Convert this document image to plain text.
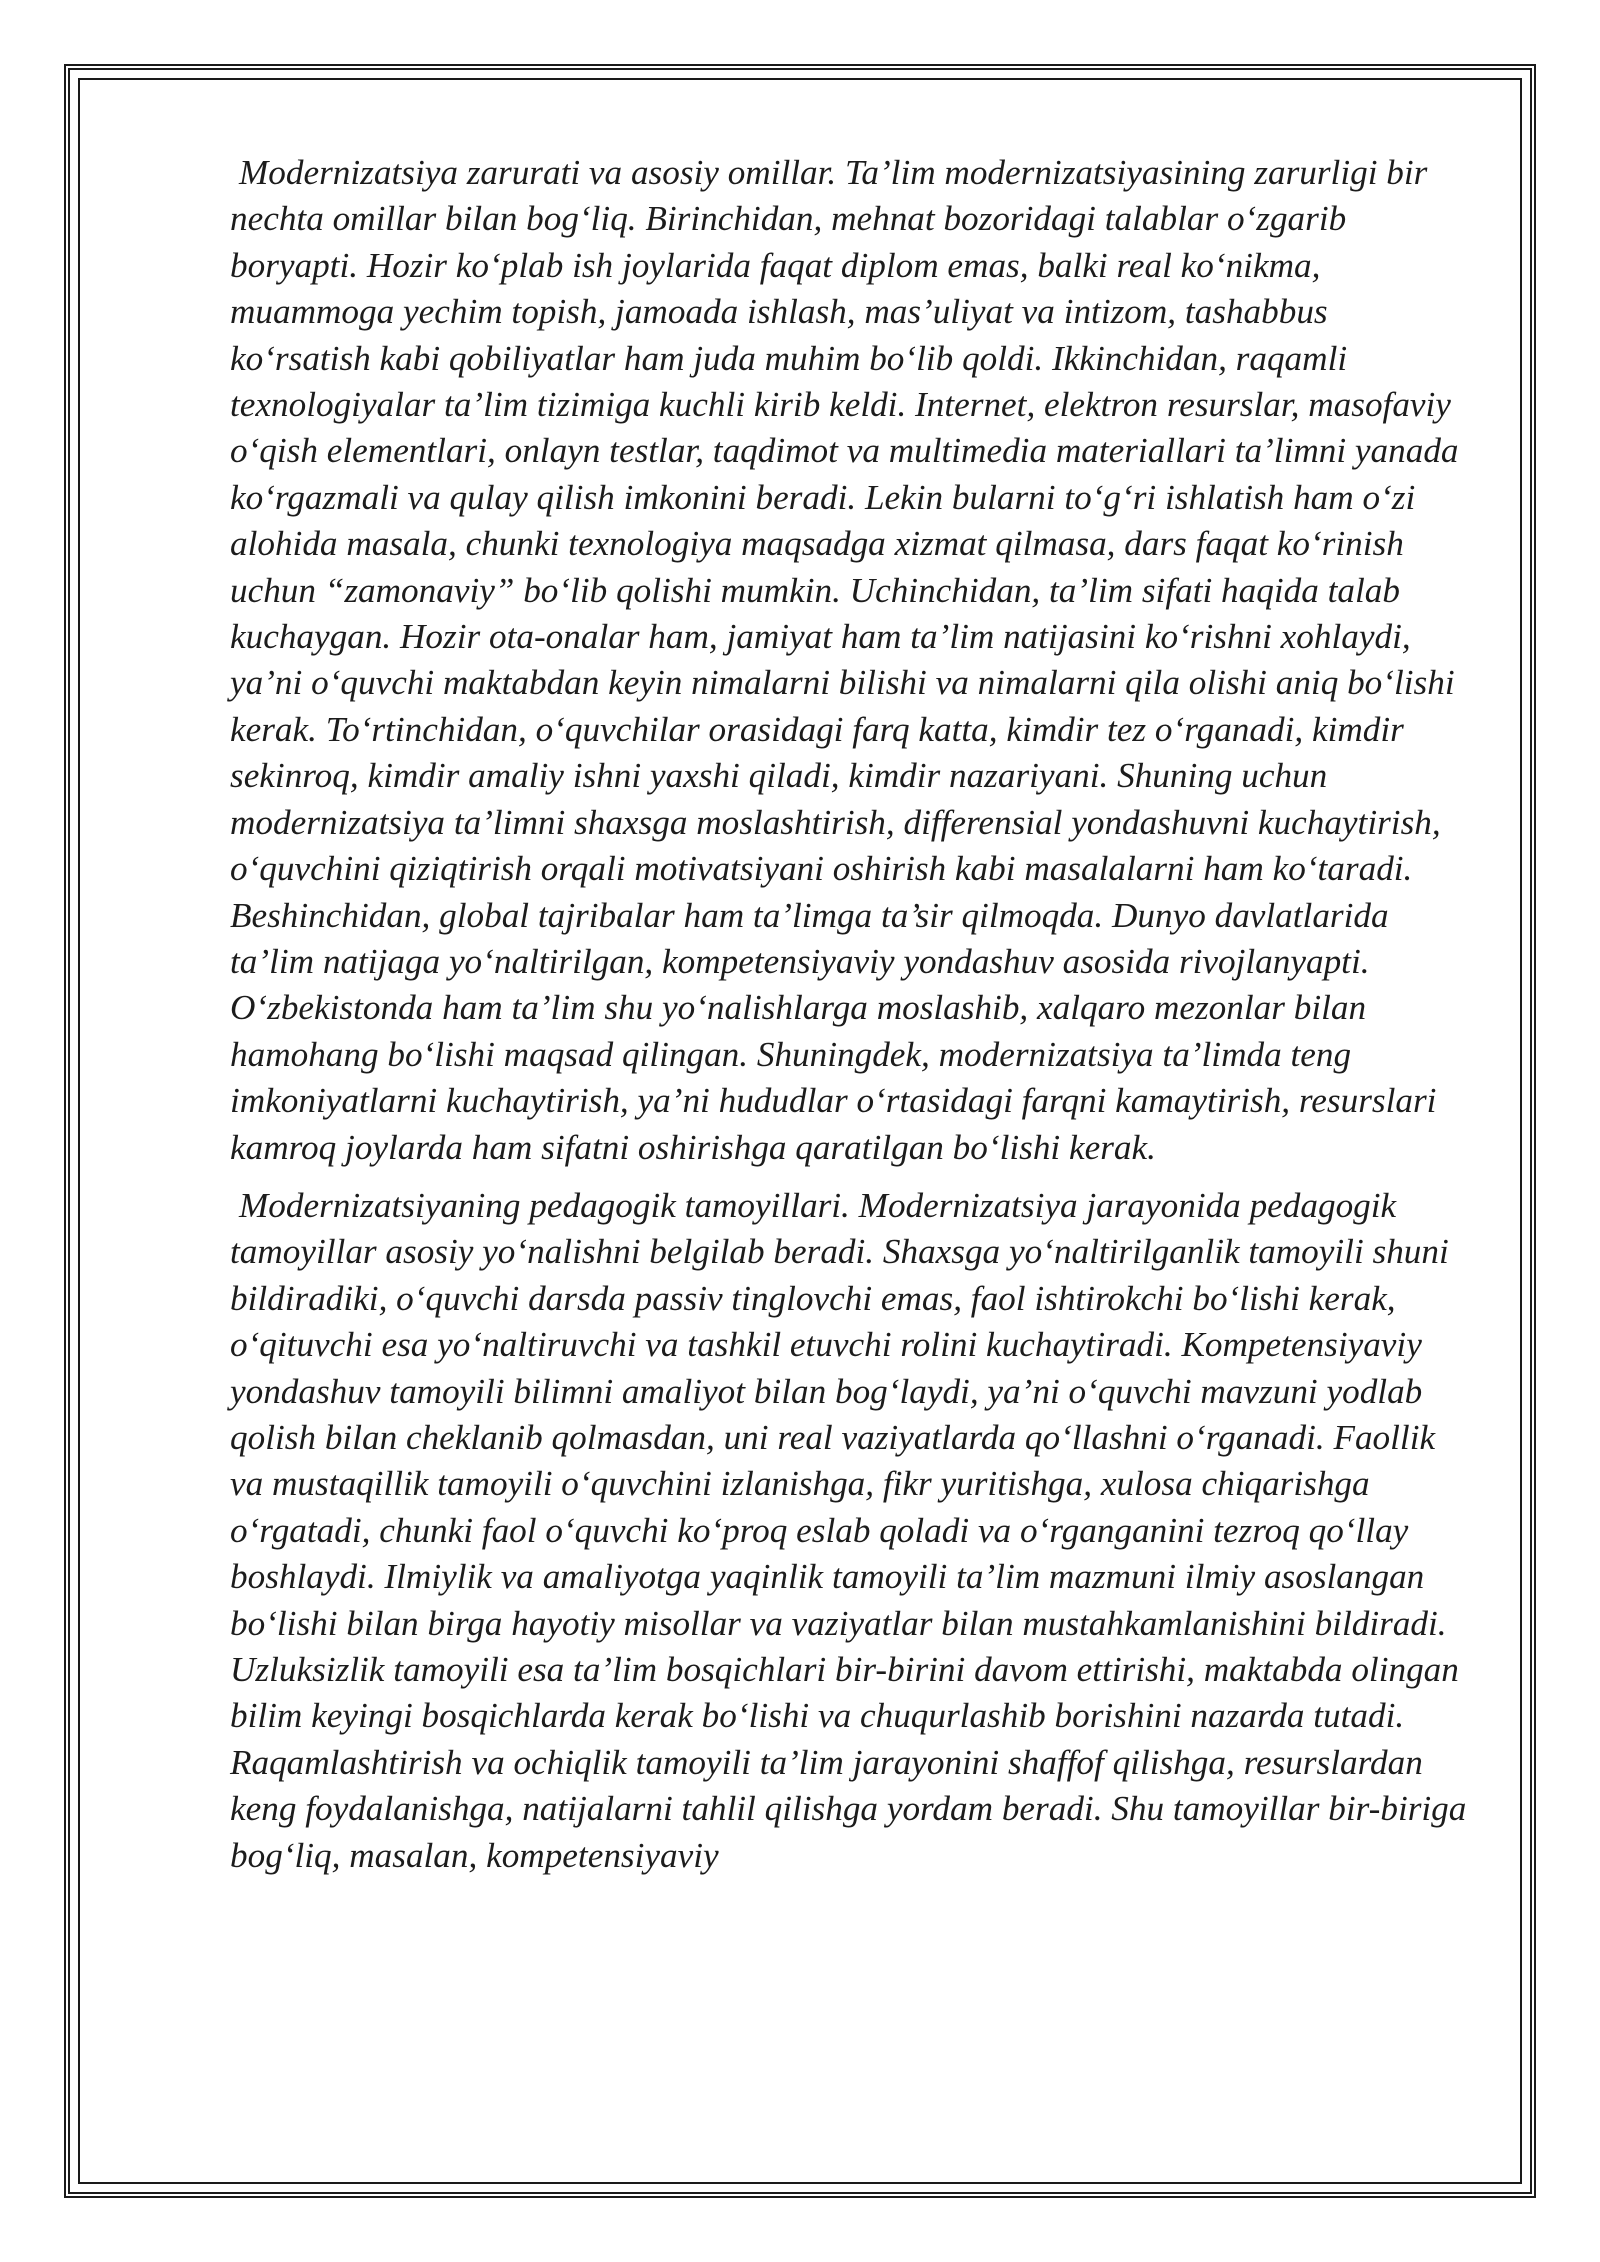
Modernizatsiya zarurati va asosiy omillar. Ta’lim modernizatsiyasining zarurligi bir nechta omillar bilan bog‘liq. Birinchidan, mehnat bozoridagi talablar o‘zgarib boryapti. Hozir ko‘plab ish joylarida faqat diplom emas, balki real ko‘nikma, muammoga yechim topish, jamoada ishlash, mas’uliyat va intizom, tashabbus ko‘rsatish kabi qobiliyatlar ham juda muhim bo‘lib qoldi. Ikkinchidan, raqamli texnologiyalar ta’lim tizimiga kuchli kirib keldi. Internet, elektron resurslar, masofaviy o‘qish elementlari, onlayn testlar, taqdimot va multimedia materiallari ta’limni yanada ko‘rgazmali va qulay qilish imkonini beradi. Lekin bularni to‘g‘ri ishlatish ham o‘zi alohida masala, chunki texnologiya maqsadga xizmat qilmasa, dars faqat ko‘rinish uchun “zamonaviy” bo‘lib qolishi mumkin. Uchinchidan, ta’lim sifati haqida talab kuchaygan. Hozir ota-onalar ham, jamiyat ham ta’lim natijasini ko‘rishni xohlaydi, ya’ni o‘quvchi maktabdan keyin nimalarni bilishi va nimalarni qila olishi aniq bo‘lishi kerak. To‘rtinchidan, o‘quvchilar orasidagi farq katta, kimdir tez o‘rganadi, kimdir sekinroq, kimdir amaliy ishni yaxshi qiladi, kimdir nazariyani. Shuning uchun modernizatsiya ta’limni shaxsga moslashtirish, differensial yondashuvni kuchaytirish, o‘quvchini qiziqtirish orqali motivatsiyani oshirish kabi masalalarni ham ko‘taradi. Beshinchidan, global tajribalar ham ta’limga ta’sir qilmoqda. Dunyo davlatlarida ta’lim natijaga yo‘naltirilgan, kompetensiyaviy yondashuv asosida rivojlanyapti. O‘zbekistonda ham ta’lim shu yo‘nalishlarga moslashib, xalqaro mezonlar bilan hamohang bo‘lishi maqsad qilingan. Shuningdek, modernizatsiya ta’limda teng imkoniyatlarni kuchaytirish, ya’ni hududlar o‘rtasidagi farqni kamaytirish, resurslari kamroq joylarda ham sifatni oshirishga qaratilgan bo‘lishi kerak.

Modernizatsiyaning pedagogik tamoyillari. Modernizatsiya jarayonida pedagogik tamoyillar asosiy yo‘nalishni belgilab beradi. Shaxsga yo‘naltirilganlik tamoyili shuni bildiradiki, o‘quvchi darsda passiv tinglovchi emas, faol ishtirokchi bo‘lishi kerak, o‘qituvchi esa yo‘naltiruvchi va tashkil etuvchi rolini kuchaytiradi. Kompetensiyaviy yondashuv tamoyili bilimni amaliyot bilan bog‘laydi, ya’ni o‘quvchi mavzuni yodlab qolish bilan cheklanib qolmasdan, uni real vaziyatlarda qo‘llashni o‘rganadi. Faollik va mustaqillik tamoyili o‘quvchini izlanishga, fikr yuritishga, xulosa chiqarishga o‘rgatadi, chunki faol o‘quvchi ko‘proq eslab qoladi va o‘rganganini tezroq qo‘llay boshlaydi. Ilmiylik va amaliyotga yaqinlik tamoyili ta’lim mazmuni ilmiy asoslangan bo‘lishi bilan birga hayotiy misollar va vaziyatlar bilan mustahkamlanishini bildiradi. Uzluksizlik tamoyili esa ta’lim bosqichlari bir-birini davom ettirishi, maktabda olingan bilim keyingi bosqichlarda kerak bo‘lishi va chuqurlashib borishini nazarda tutadi. Raqamlashtirish va ochiqlik tamoyili ta’lim jarayonini shaffof qilishga, resurslardan keng foydalanishga, natijalarni tahlil qilishga yordam beradi. Shu tamoyillar bir-biriga bog‘liq, masalan, kompetensiyaviy
